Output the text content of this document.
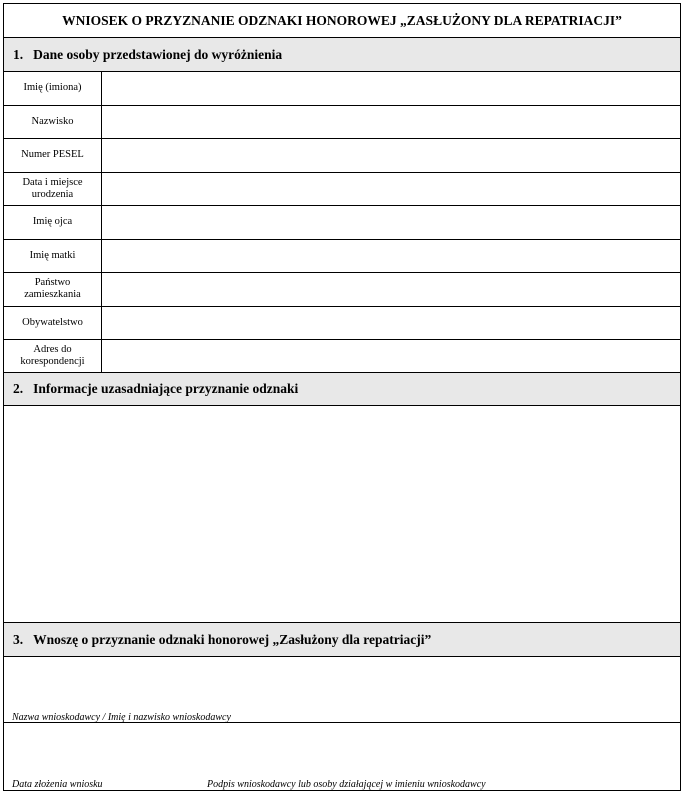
WNIOSEK O PRZYZNANIE ODZNAKI HONOROWEJ „ZASŁUŻONY DLA REPATRIACJI”
1. Dane osoby przedstawionej do wyróżnienia
Imię (imiona)
Nazwisko
Numer PESEL
Data i miejsce urodzenia
Imię ojca
Imię matki
Państwo zamieszkania
Obywatelstwo
Adres do korespondencji
2. Informacje uzasadniające przyznanie odznaki
3. Wnoszę o przyznanie odznaki honorowej „Zasłużony dla repatriacji”
Nazwa wnioskodawcy / Imię i nazwisko wnioskodawcy
Data złożenia wniosku	Podpis wnioskodawcy lub osoby działającej w imieniu wnioskodawcy
